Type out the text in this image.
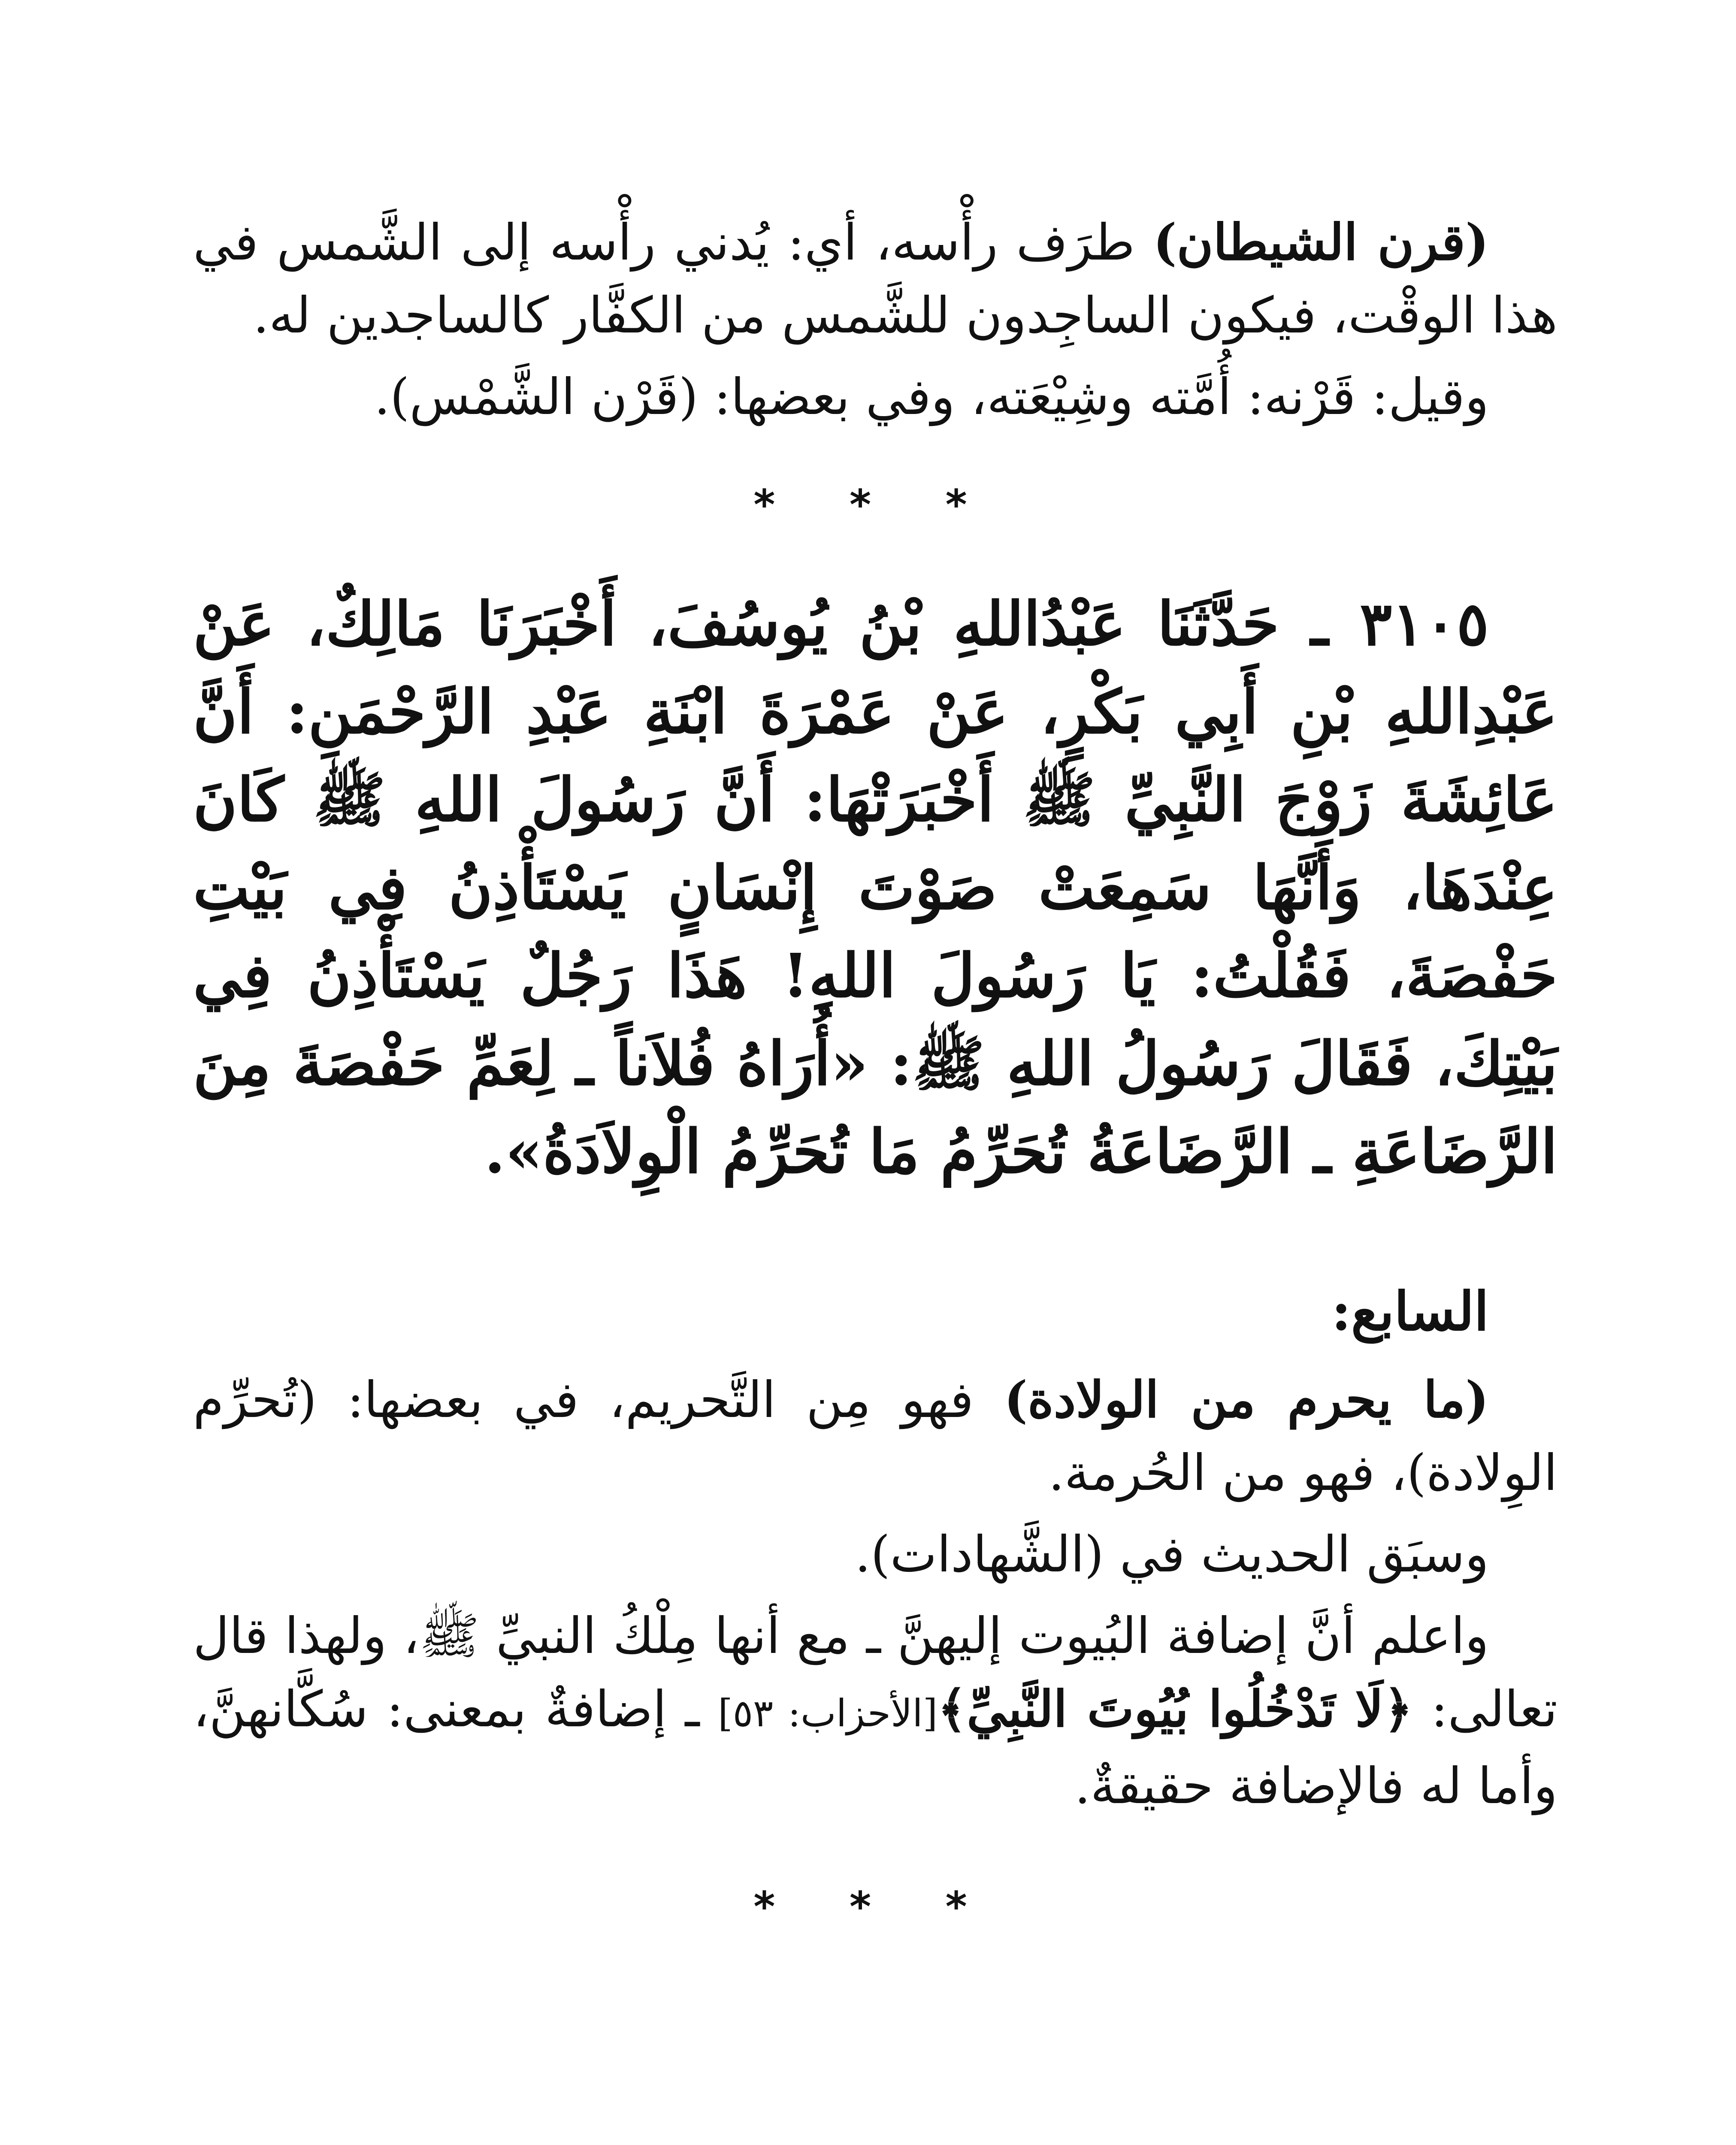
(قرن الشيطان) طرَف رأْسه، أي: يُدني رأْسه إلى الشَّمس في هذا الوقْت، فيكون الساجِدون للشَّمس من الكفَّار كالساجدين له.

وقيل: قَرْنه: أُمَّته وشِيْعَته، وفي بعضها: (قَرْن الشَّمْس).

* * *

٣١٠٥ ـ حَدَّثَنَا عَبْدُاللهِ بْنُ يُوسُفَ، أَخْبَرَنَا مَالِكٌ، عَنْ عَبْدِاللهِ بْنِ أَبِي بَكْرٍ، عَنْ عَمْرَةَ ابْنَةِ عَبْدِ الرَّحْمَنِ: أَنَّ عَائِشَةَ زَوْجَ النَّبِيِّ ﷺ أَخْبَرَتْهَا: أَنَّ رَسُولَ اللهِ ﷺ كَانَ عِنْدَهَا، وَأَنَّهَا سَمِعَتْ صَوْتَ إِنْسَانٍ يَسْتَأْذِنُ فِي بَيْتِ حَفْصَةَ، فَقُلْتُ: يَا رَسُولَ اللهِ! هَذَا رَجُلٌ يَسْتَأْذِنُ فِي بَيْتِكَ، فَقَالَ رَسُولُ اللهِ ﷺ: «أُرَاهُ فُلاَناً ـ لِعَمِّ حَفْصَةَ مِنَ الرَّضَاعَةِ ـ الرَّضَاعَةُ تُحَرِّمُ مَا تُحَرِّمُ الْوِلاَدَةُ».

السابع:

(ما يحرم من الولادة) فهو مِن التَّحريم، في بعضها: (تُحرِّم الوِلادة)، فهو من الحُرمة.

وسبَق الحديث في (الشَّهادات).

واعلم أنَّ إضافة البُيوت إليهنَّ ـ مع أنها مِلْكُ النبيِّ ﷺ، ولهذا قال تعالى: ﴿لَا تَدْخُلُوا بُيُوتَ النَّبِيِّ﴾[الأحزاب: ٥٣] ـ إضافةٌ بمعنى: سُكَّانهنَّ، وأما له فالإضافة حقيقةٌ.

* * *
